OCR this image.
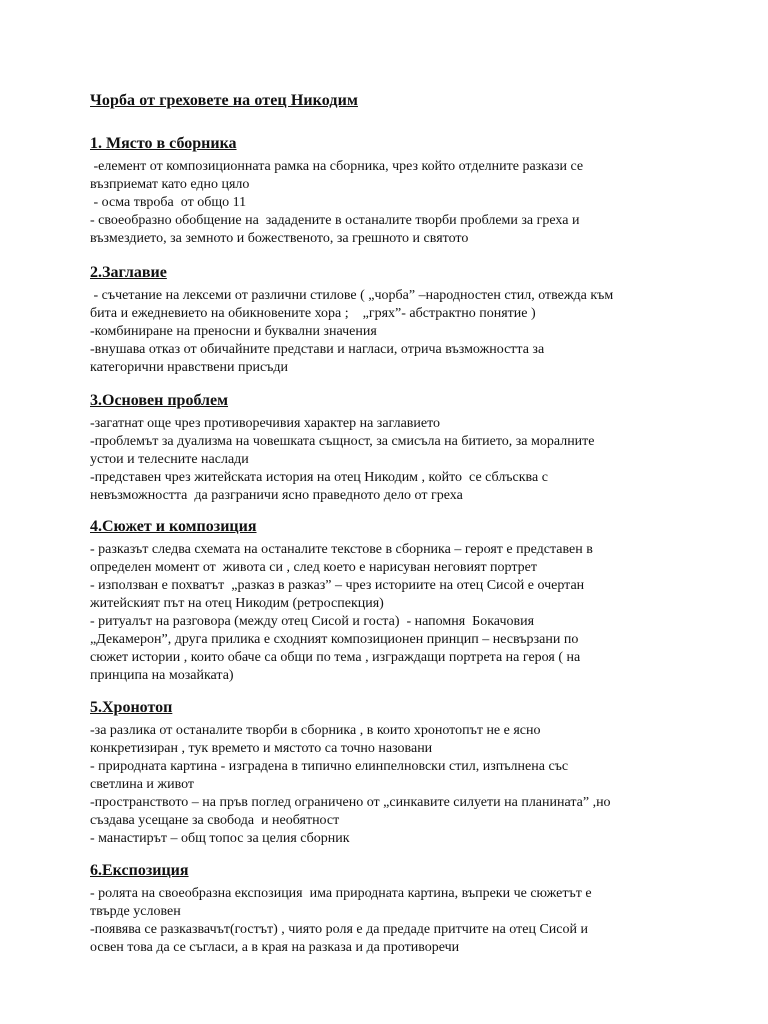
Чорба от греховете на отец Никодим
1. Място в сборника

-елемент от композиционната рамка на сборника, чрез който отделните разкази се

възприемат като едно цяло

- осма твроба  от общо 11

- своеобразно обобщение на  зададените в останалите творби проблеми за греха и

възмездието, за земното и божественото, за грешното и святото

2.Заглавие

- съчетание на лексеми от различни стилове ( „чорба” –народностен стил, отвежда към

бита и ежедневието на обикновените хора ;    „грях”- абстрактно понятие )

-комбиниране на преносни и буквални значения

-внушава отказ от обичайните представи и нагласи, отрича възможността за

категорични нравствени присъди

3.Основен проблем

-загатнат още чрез противоречивия характер на заглавието

-проблемът за дуализма на човешката същност, за смисъла на битието, за моралните

устои и телесните наслади

-представен чрез житейската история на отец Никодим , който  се сблъсква с

невъзможността  да разграничи ясно праведното дело от греха

4.Сюжет и композиция

- разказът следва схемата на останалите текстове в сборника – героят е представен в

определен момент от  живота си , след което е нарисуван неговият портрет

- използван е похватът  „разказ в разказ” – чрез историите на отец Сисой е очертан

житейският път на отец Никодим (ретроспекция)

- ритуалът на разговора (между отец Сисой и госта)  - напомня  Бокачовия

„Декамерон”, друга прилика е сходният композиционен принцип – несвързани по

сюжет истории , които обаче са общи по тема , изграждащи портрета на героя ( на

принципа на мозайката)

5.Хронотоп

-за разлика от останалите творби в сборника , в които хронотопът не е ясно

конкретизиран , тук времето и мястото са точно назовани

- природната картина - изградена в типично елинпелновски стил, изпълнена със

светлина и живот

-пространството – на пръв поглед ограничено от „синкавите силуети на планината” ,но

създава усещане за свобода  и необятност

- манастирът – общ топос за целия сборник

6.Експозиция

- ролята на своеобразна експозиция  има природната картина, въпреки че сюжетът е

твърде условен

-появява се разказвачът(гостът) , чиято роля е да предаде притчите на отец Сисой и

освен това да се съгласи, а в края на разказа и да противоречи
